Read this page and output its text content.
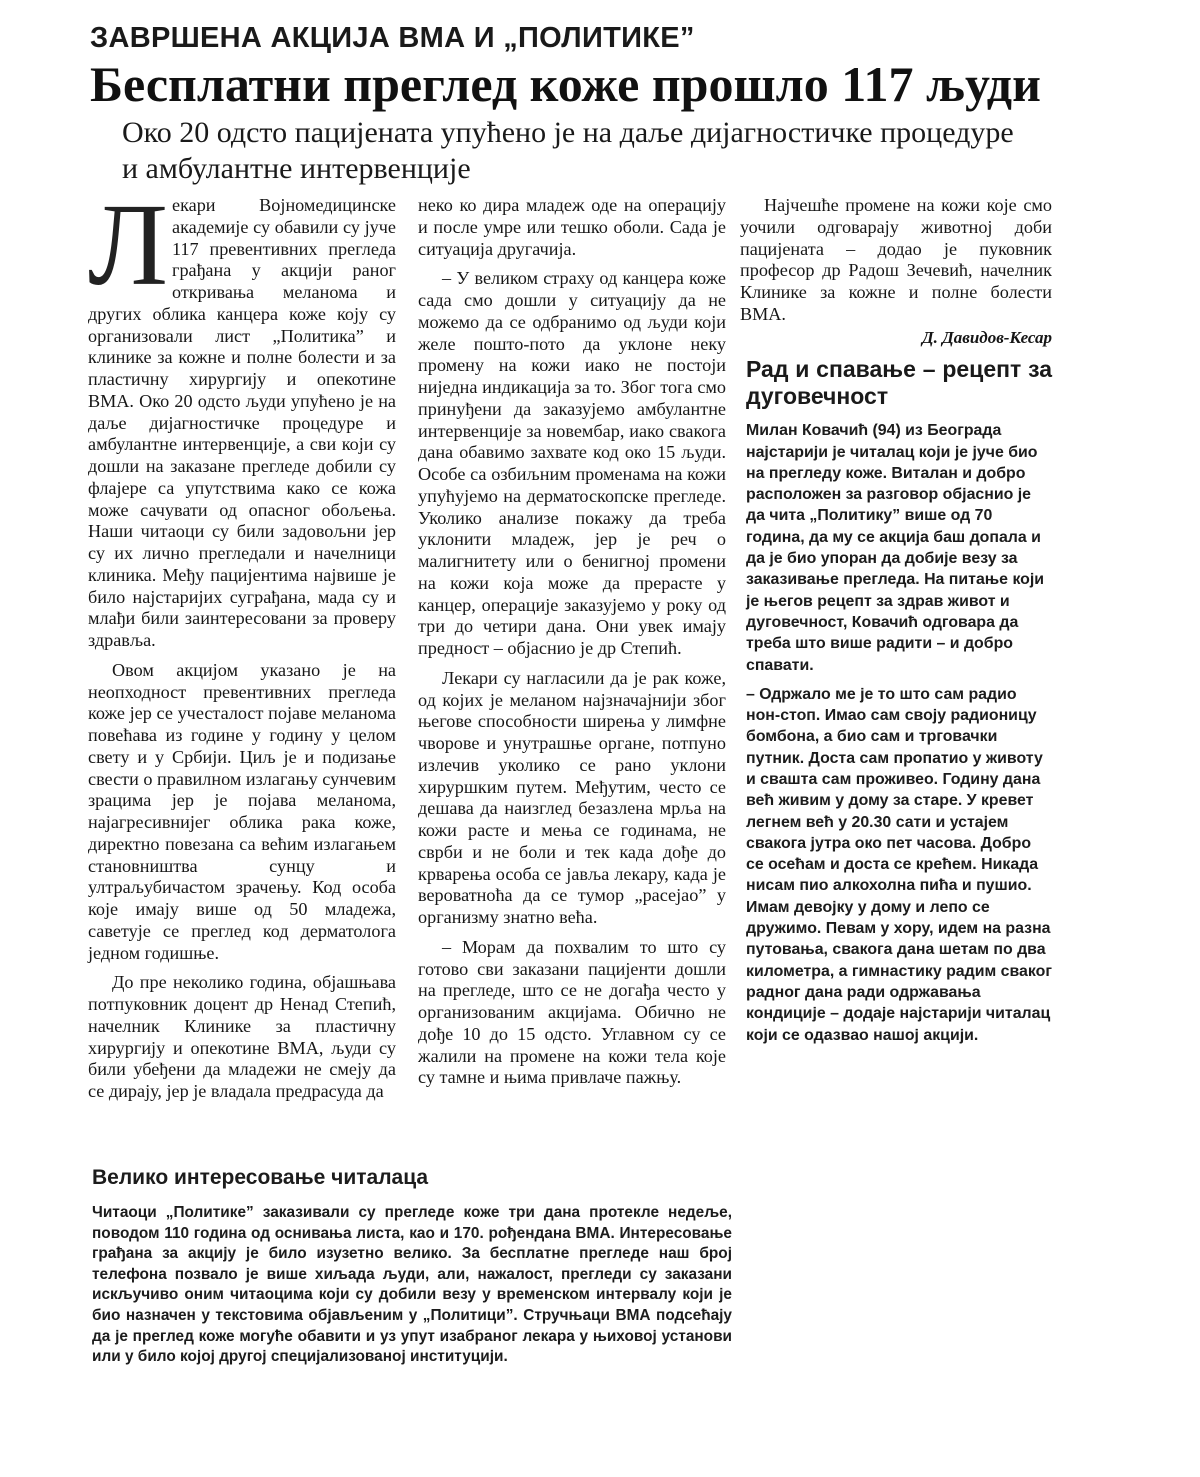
ЗАВРШЕНА АКЦИЈА ВМА И „ПОЛИТИКЕ”
Бесплатни преглед коже прошло 117 људи
Око 20 одсто пацијената упућено је на даље дијагностичке процедуре и амбулантне интервенције
Л екари Војномедицинске академије су обавили су јуче 117 превентивних прегледа грађана у акцији раног откривања меланома и других облика канцера коже коју су организовали лист „Политика” и клинике за кожне и полне болести и за пластичну хирургију и опекотине ВМА. Око 20 одсто људи упућено је на даље дијагностичке процедуре и амбулантне интервенције, а сви који су дошли на заказане прегледе добили су флајере са упутствима како се кожа може сачувати од опасног обољења. Наши читаоци су били задовољни јер су их лично прегледали и начелници клиника. Међу пацијентима највише је било најстаријих суграђана, мада су и млађи били заинтересовани за проверу здравља.

Овом акцијом указано је на неопходност превентивних прегледа коже јер се учесталост појаве меланома повећава из године у годину у целом свету и у Србији. Циљ је и подизање свести о правилном излагању сунчевим зрацима јер је појава меланома, најагресивнијег облика рака коже, директно повезана са већим излагањем становништва сунцу и ултраљубичастом зрачењу. Код особа које имају више од 50 младежа, саветује се преглед код дерматолога једном годишње.

До пре неколико година, објашњава потпуковник доцент др Ненад Степић, начелник Клинике за пластичну хирургију и опекотине ВМА, људи су били убеђени да младежи не смеју да се дирају, јер је владала предрасуда да

неко ко дира младеж оде на операцију и после умре или тешко оболи. Сада је ситуација другачија.

– У великом страху од канцера коже сада смо дошли у ситуацију да не можемо да се одбранимо од људи који желе пошто-пото да уклоне неку промену на кожи иако не постоји ниједна индикација за то. Због тога смо принуђени да заказујемо амбулантне интервенције за новембар, иако свакога дана обавимо захвате код око 15 људи. Особе са озбиљним променама на кожи упућујемо на дерматоскопске прегледе. Уколико анализе покажу да треба уклонити младеж, јер је реч о малигнитету или о бенигној промени на кожи која може да прерасте у канцер, операције заказујемо у року од три до четири дана. Они увек имају предност – објаснио је др Степић.

Лекари су нагласили да је рак коже, од којих је меланом најзначајнији због његове способности ширења у лимфне чворове и унутрашње органе, потпуно излечив уколико се рано уклони хируршким путем. Међутим, често се дешава да наизглед безазлена мрља на кожи расте и мења се годинама, не сврби и не боли и тек када дође до крварења особа се јавља лекару, када је вероватноћа да се тумор „расејао” у организму знатно већа.

– Морам да похвалим то што су готово сви заказани пацијенти дошли на прегледе, што се не догађа често у организованим акцијама. Обично не дође 10 до 15 одсто. Углавном су се жалили на промене на кожи тела које су тамне и њима привлаче пажњу.

Најчешће промене на кожи које смо уочили одговарају животној доби пацијената – додао је пуковник професор др Радош Зечевић, начелник Клинике за кожне и полне болести ВМА.

Д. Давидов-Кесар
Рад и спавање – рецепт за дуговечност

Милан Ковачић (94) из Београда најстарији је читалац који је јуче био на прегледу коже. Виталан и добро расположен за разговор објаснио је да чита „Политику” више од 70 година, да му се акција баш допала и да је био упоран да добије везу за заказивање прегледа. На питање који је његов рецепт за здрав живот и дуговечност, Ковачић одговара да треба што више радити – и добро спавати.

– Одржало ме је то што сам радио нон-стоп. Имао сам своју радионицу бомбона, а био сам и трговачки путник. Доста сам пропатио у животу и свашта сам проживео. Годину дана већ живим у дому за старе. У кревет легнем већ у 20.30 сати и устајем свакога јутра око пет часова. Добро се осећам и доста се крећем. Никада нисам пио алкохолна пића и пушио. Имам девојку у дому и лепо се дружимо. Певам у хору, идем на разна путовања, свакога дана шетам по два километра, а гимнастику радим сваког радног дана ради одржавања кондиције – додаје најстарији читалац који се одазвао нашој акцији.

Велико интересовање читалаца

Читаоци „Политике” заказивали су прегледе коже три дана протекле недеље, поводом 110 година од оснивања листа, као и 170. рођендана ВМА. Интересовање грађана за акцију је било изузетно велико. За бесплатне прегледе наш број телефона позвало је више хиљада људи, али, нажалост, прегледи су заказани искључиво оним читаоцима који су добили везу у временском интервалу који је био назначен у текстовима објављеним у „Политици”. Стручњаци ВМА подсећају да је преглед коже могуће обавити и уз упут изабраног лекара у њиховој установи или у било којој другој специјализованој институцији.
